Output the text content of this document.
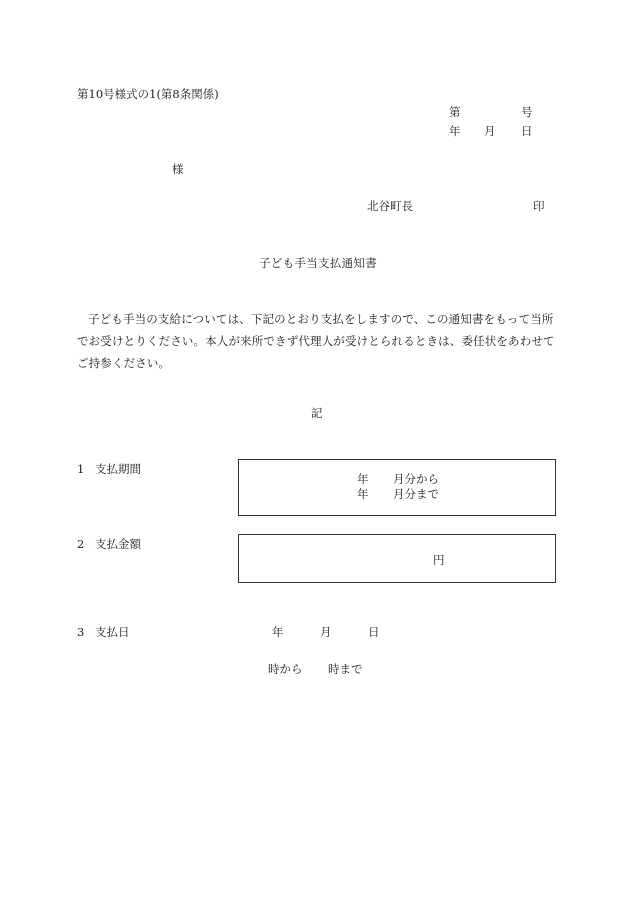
第10号様式の1(第8条関係)
第	号
年 月 日
様
北谷町長	印
子ども手当支払通知書
子ども手当の支給については、下記のとおり支払をしますので、この通知書をもって当所でお受けとりください。本人が来所できず代理人が受けとられるときは、委任状をあわせてご持参ください。
記
1 支払期間
年 月分から
年 月分まで
2 支払金額
円
3 支払日	年	月	日
時から 時まで
